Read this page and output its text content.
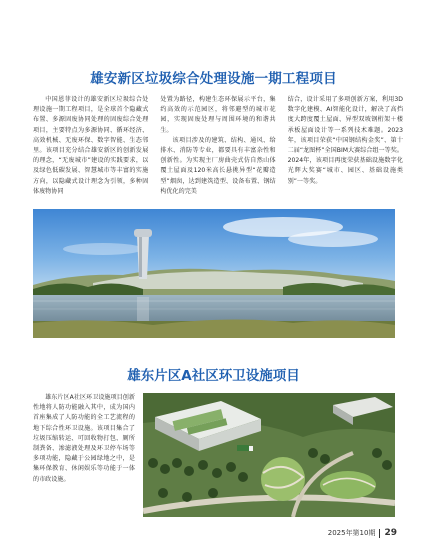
雄安新区垃圾综合处理设施一期工程项目

中国恩菲设计的雄安新区垃圾综合处理设施一期工程项目，是全球首个隐藏式布置、多源固废协同处理的固废综合处理项目，主要特点为多源协同、循环经济、高效机械、无废环保、数字智能、生态邻里。该项目充分结合雄安新区的创新发展的理念，“无废城市”建设的实践要求，以及绿色低碳发展、智慧城市等丰富的实施方向，以隐藏式设计理念为引领，多种固体废物协同

处置为路径，构建生态环保展示平台，集约高效的示范园区，将邻避型的城市花园，实现固废处理与周围环境的和谐共生。

该项目涉及的建筑、结构、通风、给排水、消防等专业，都要具有丰富杂性和创新性。为实现主厂房曲壳式仿自然山体覆土屋面及120米高长悬挑异型“花瓣造型”烟囱，达到建筑造型、设备布置、钢结构优化的完美

结合，设计采用了多项创新方案，利用3D数字化建模、AI智能化设计，解决了高挡度大跨度覆土屋面、异型双坡钢桁架＋楼承板屋面设计等一系列技术难题。2023年，该项目荣获“中国钢结构金奖”、第十二届“龙图杯”全国BIM大赛综合组一等奖。2024年，该项目再度荣获基础设施数字化光辉大奖赛“城市、园区、基础设施类别”一等奖。

雄东片区A社区环卫设施项目

雄东片区A社区环卫设施项目创新性地将人防功能融入其中，成为国内首座集成了人防功能的全工艺流程的地下综合性环卫设施。该项目集合了垃圾压缩转运、可回收物打包、厕所制粪备、渗滤液处理及环卫停车场等多项功能，隐藏于公园绿地之中，是集环保教育、休闲娱乐等功能于一体的市政设施。

2025年第10期 29
